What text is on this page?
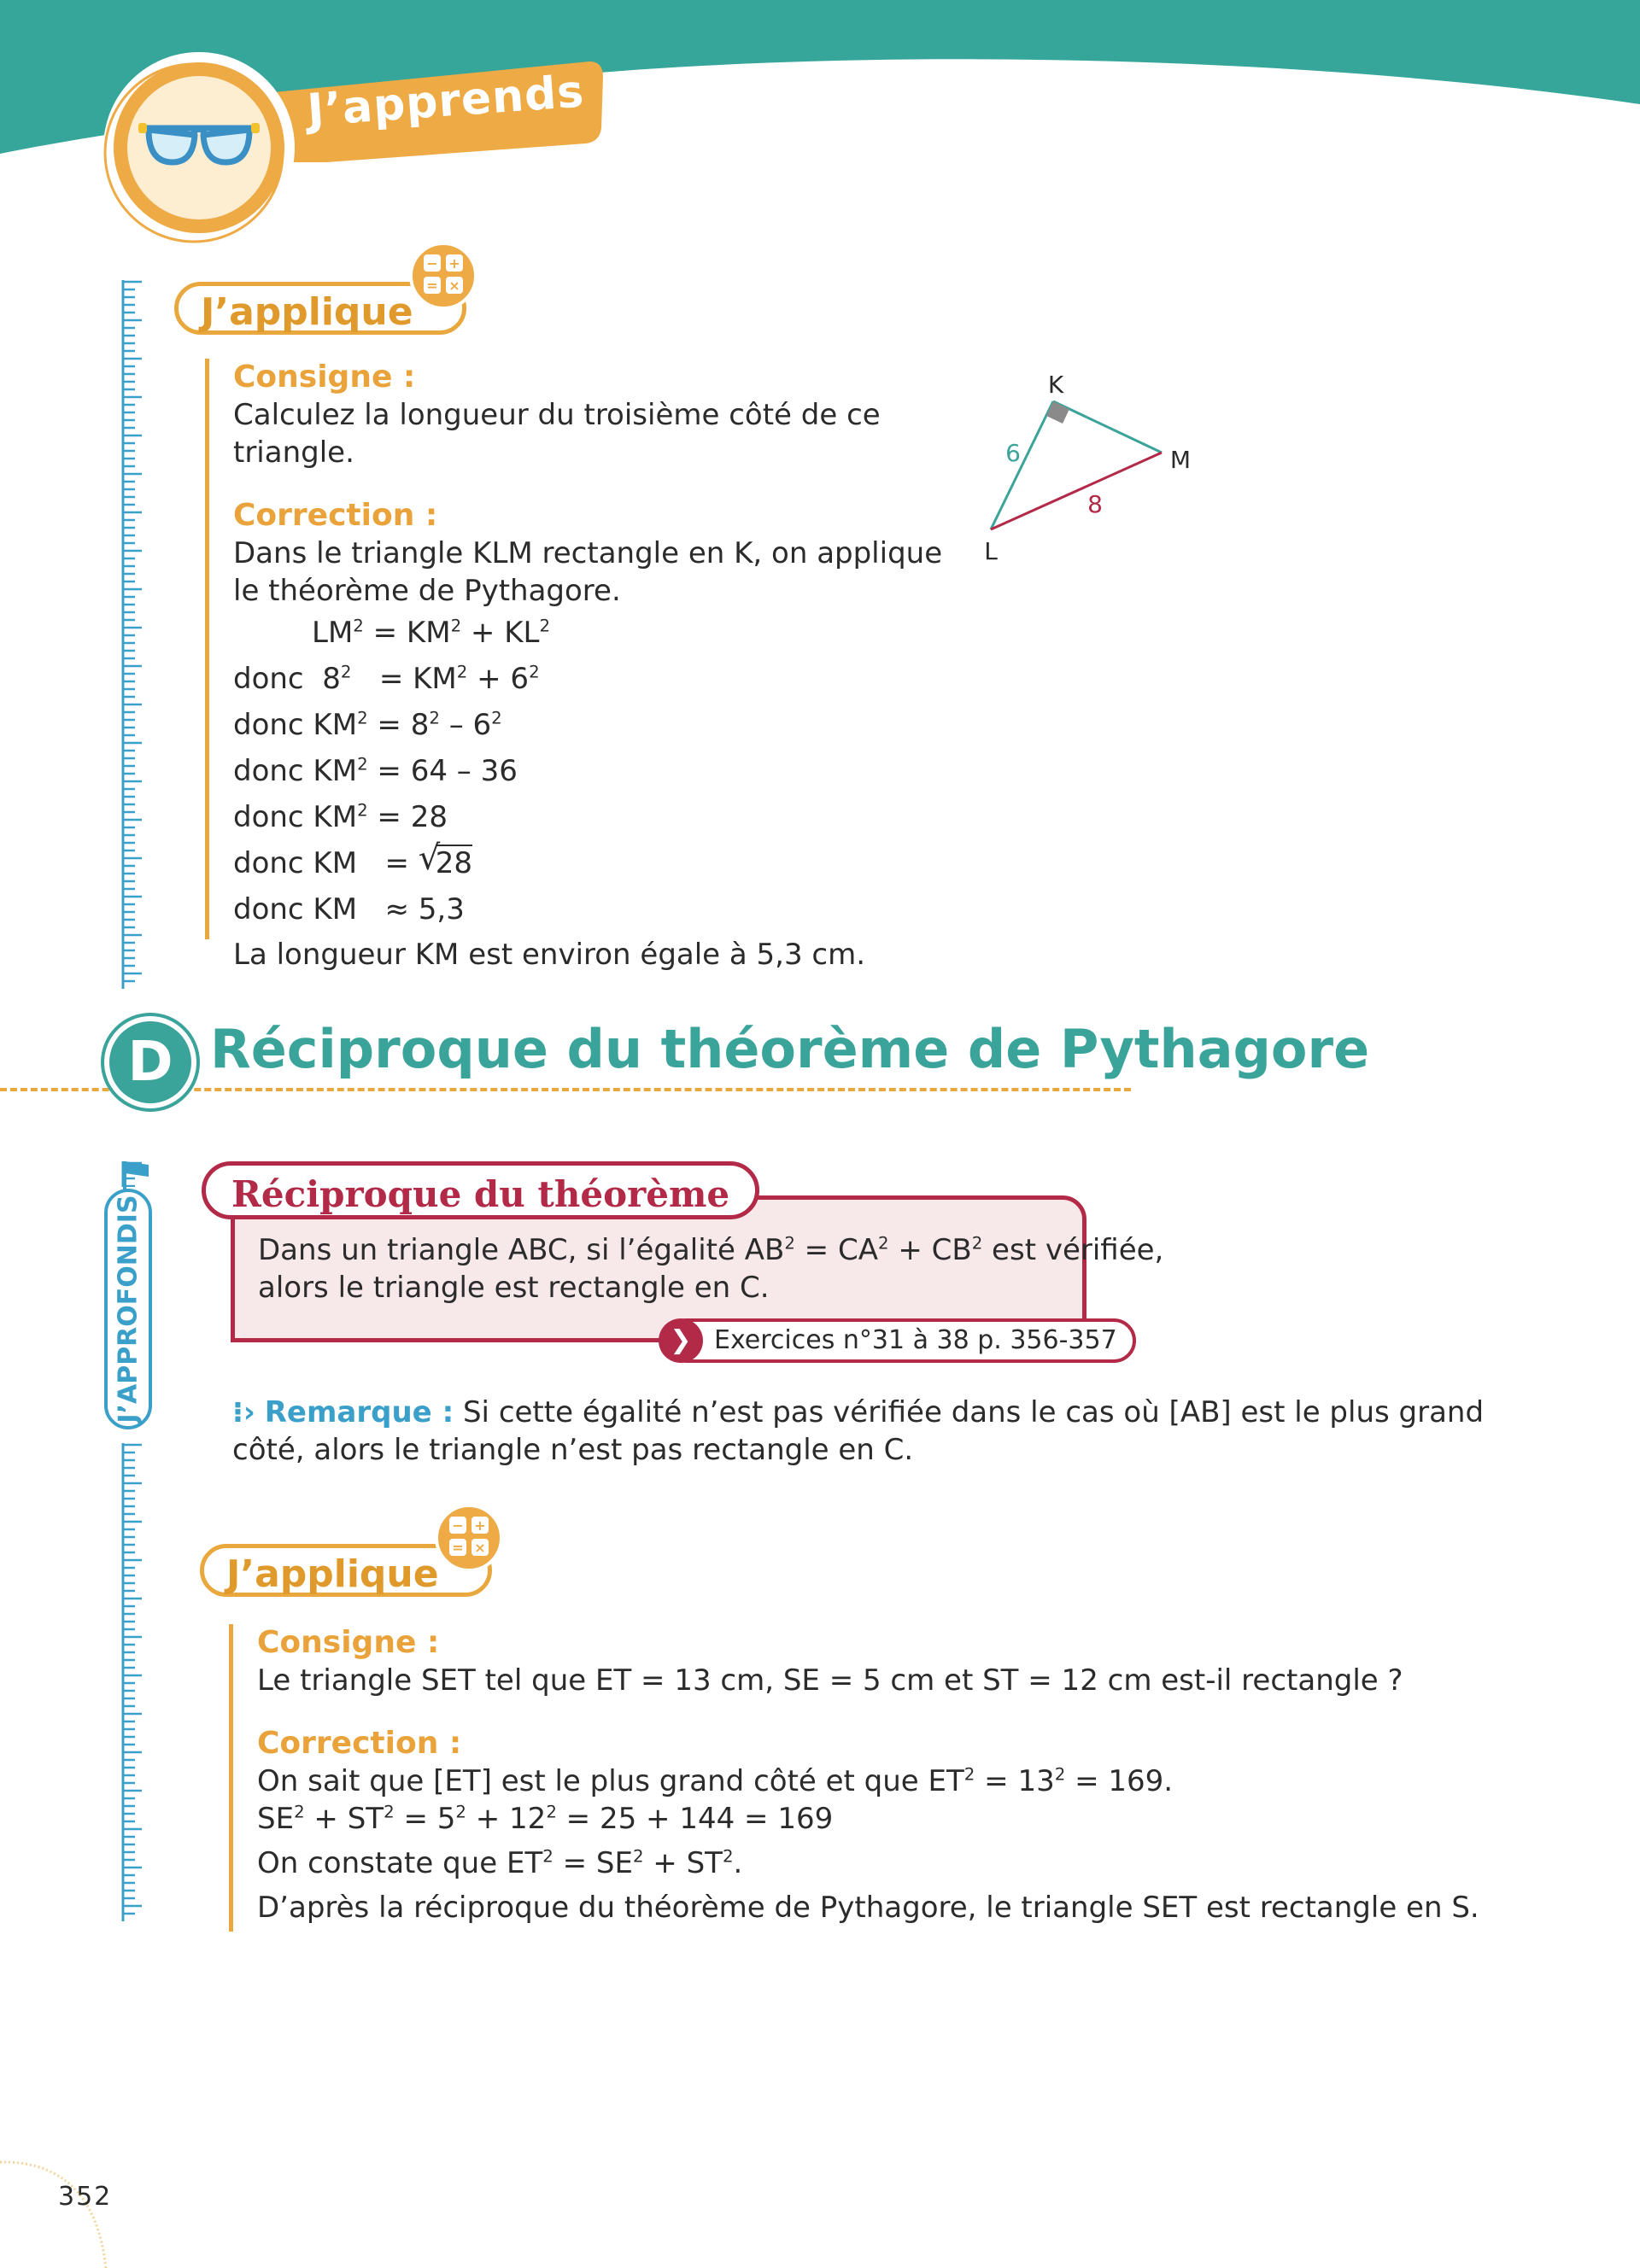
J’apprends
J’applique
− +
= ×
Consigne :
Calculez la longueur du troisième côté de ce triangle.
Correction :
Dans le triangle KLM rectangle en K, on applique
le théorème de Pythagore.
$LM^2 = KM^2 + KL^2$
donc  $8^2 = KM^2 + 6^2$
donc $KM^2 = 8^2 - 6^2$
donc $KM^2 = 64 - 36$
donc $KM^2 = 28$
donc KM   = √
28
donc KM   ≈ 5,3
La longueur KM est environ égale à 5,3 cm.
K
L
M
6
8
D Réciproque du théorème de Pythagore
J’APPROFONDIS
Réciproque du théorème
Dans un triangle ABC, si l’égalité $AB^2 = CA^2 + CB^2$ est vérifiée,
alors le triangle est rectangle en C.
Exercices n°31 à 38 p. 356-357
❯
⁝› Remarque : Si cette égalité n’est pas vérifiée dans le cas où [AB] est le plus grand côté, alors le triangle n’est pas rectangle en C.
J’applique
− +
= ×
Consigne :
Le triangle SET tel que ET = 13 cm, SE = 5 cm et ST = 12 cm est-il rectangle ?
Correction :
On sait que [ET] est le plus grand côté et que $ET^2 = 13^2 = 169$.
$SE^2 + ST^2 = 5^2 + 12^2 = 25 + 144 = 169$
On constate que $ET^2 = SE^2 + ST^2$.
D’après la réciproque du théorème de Pythagore, le triangle SET est rectangle en S.
352
